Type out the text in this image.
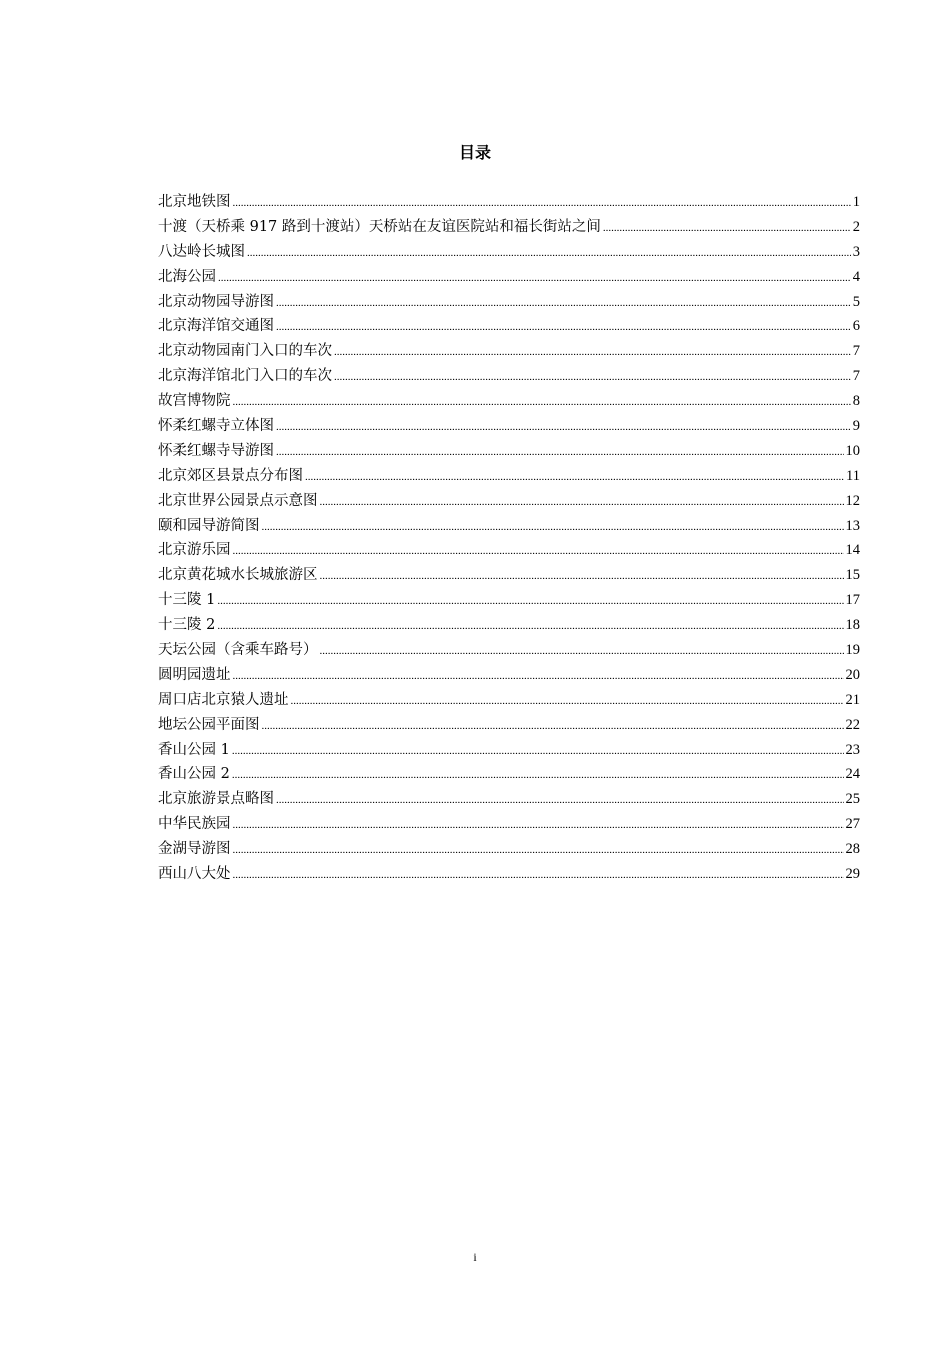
目录
北京地铁图 .....	1
十渡（天桥乘 917 路到十渡站）天桥站在友谊医院站和福长街站之间 .....	2
八达岭长城图 .....	3
北海公园 .....	4
北京动物园导游图 .....	5
北京海洋馆交通图 .....	6
北京动物园南门入口的车次 .....	7
北京海洋馆北门入口的车次 .....	7
故宫博物院 .....	8
怀柔红螺寺立体图 .....	9
怀柔红螺寺导游图 .....	10
北京郊区县景点分布图 .....	11
北京世界公园景点示意图 .....	12
颐和园导游简图 .....	13
北京游乐园 .....	14
北京黄花城水长城旅游区 .....	15
十三陵 1 .....	17
十三陵 2 .....	18
天坛公园（含乘车路号） .....	19
圆明园遗址 .....	20
周口店北京猿人遗址 .....	21
地坛公园平面图 .....	22
香山公园 1 .....	23
香山公园 2 .....	24
北京旅游景点略图 .....	25
中华民族园 .....	27
金湖导游图 .....	28
西山八大处 .....	29
i
